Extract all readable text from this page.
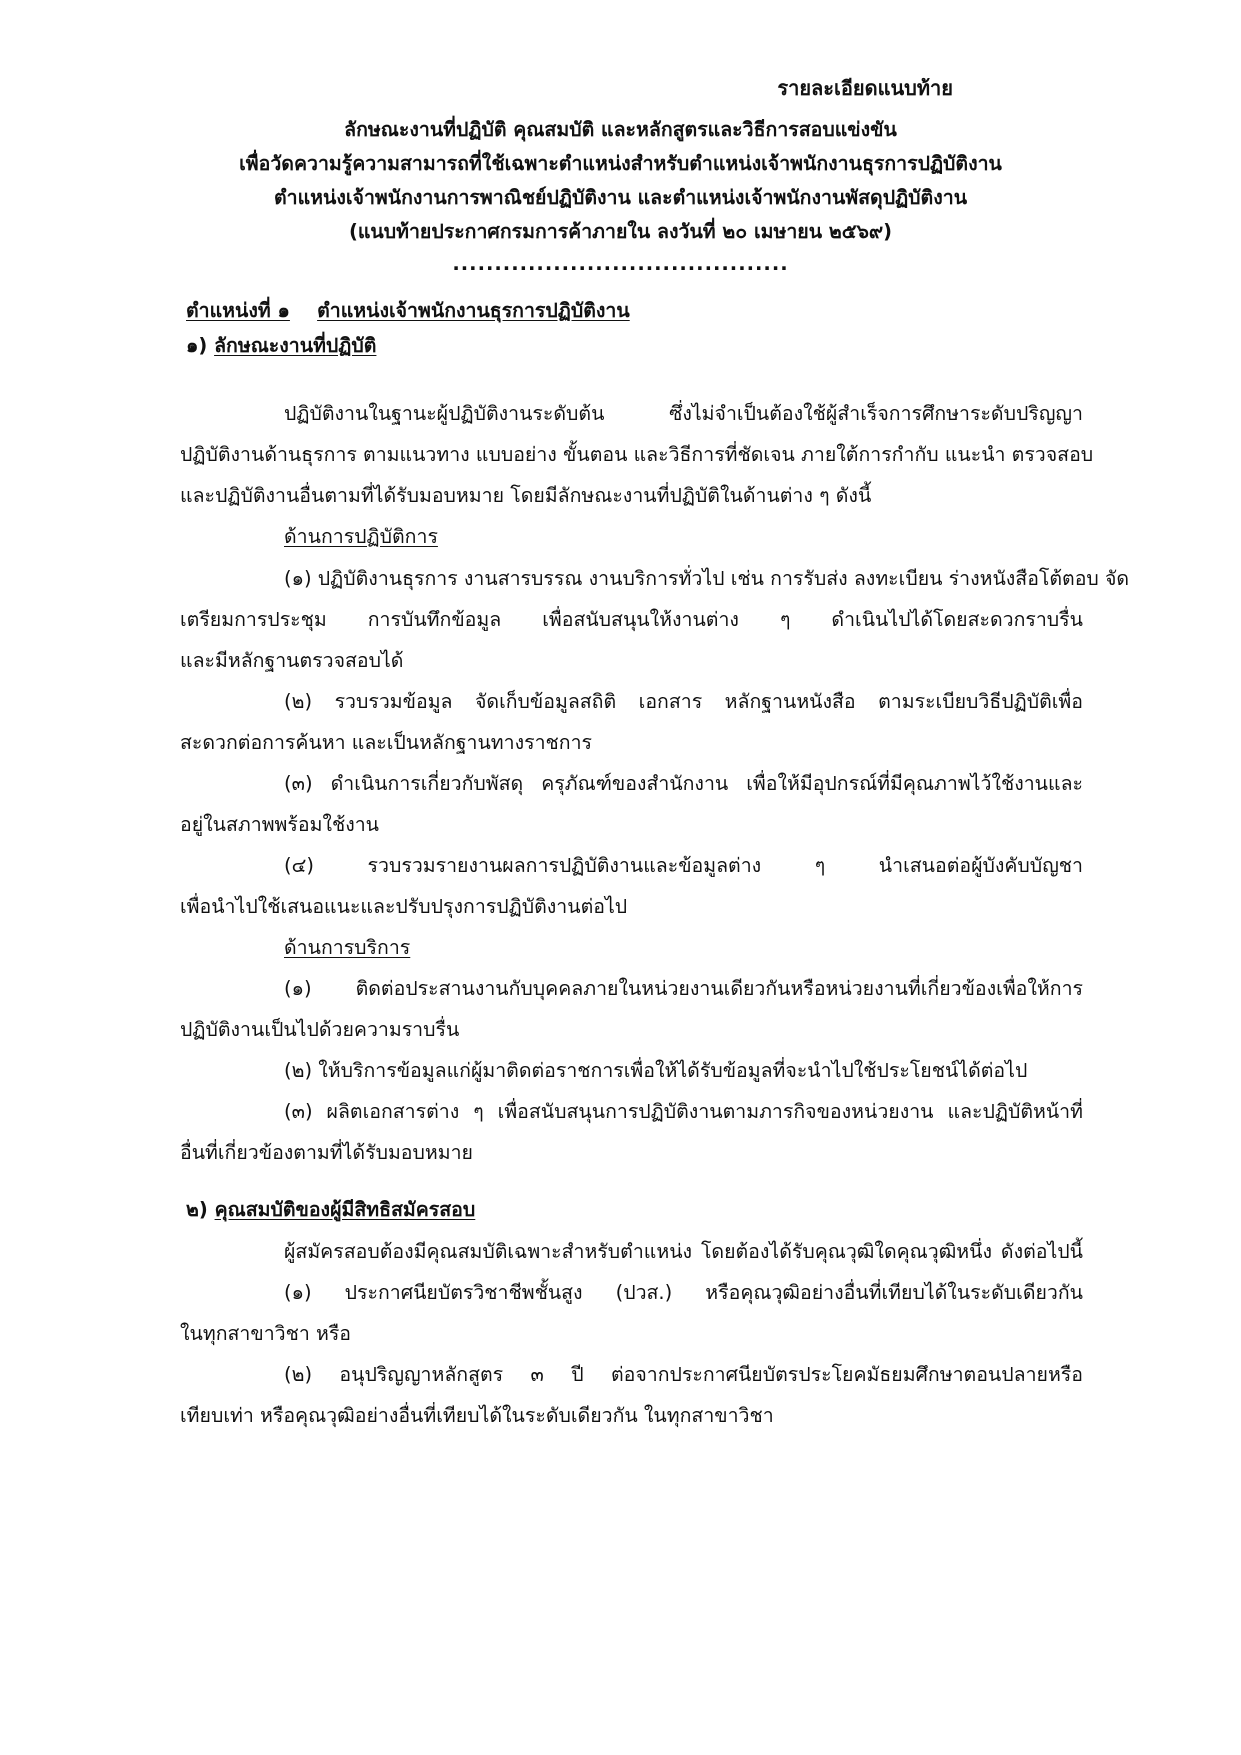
รายละเอียดแนบท้าย
ลักษณะงานที่ปฏิบัติ คุณสมบัติ และหลักสูตรและวิธีการสอบแข่งขัน
เพื่อวัดความรู้ความสามารถที่ใช้เฉพาะตำแหน่งสำหรับตำแหน่งเจ้าพนักงานธุรการปฏิบัติงาน
ตำแหน่งเจ้าพนักงานการพาณิชย์ปฏิบัติงาน และตำแหน่งเจ้าพนักงานพัสดุปฏิบัติงาน
(แนบท้ายประกาศกรมการค้าภายใน ลงวันที่ ๒๐ เมษายน ๒๕๖๙)
........................................
ตำแหน่งที่ ๑ ตำแหน่งเจ้าพนักงานธุรการปฏิบัติงาน
๑) ลักษณะงานที่ปฏิบัติ
ปฏิบัติงานในฐานะผู้ปฏิบัติงานระดับต้น ซึ่งไม่จำเป็นต้องใช้ผู้สำเร็จการศึกษาระดับปริญญา
ปฏิบัติงานด้านธุรการ ตามแนวทาง แบบอย่าง ขั้นตอน และวิธีการที่ชัดเจน ภายใต้การกำกับ แนะนำ ตรวจสอบ
และปฏิบัติงานอื่นตามที่ได้รับมอบหมาย โดยมีลักษณะงานที่ปฏิบัติในด้านต่าง ๆ ดังนี้
ด้านการปฏิบัติการ
(๑) ปฏิบัติงานธุรการ งานสารบรรณ งานบริการทั่วไป เช่น การรับส่ง ลงทะเบียน ร่างหนังสือโต้ตอบ จัด
เตรียมการประชุม การบันทึกข้อมูล เพื่อสนับสนุนให้งานต่าง ๆ ดำเนินไปได้โดยสะดวกราบรื่น
และมีหลักฐานตรวจสอบได้
(๒) รวบรวมข้อมูล จัดเก็บข้อมูลสถิติ เอกสาร หลักฐานหนังสือ ตามระเบียบวิธีปฏิบัติเพื่อ
สะดวกต่อการค้นหา และเป็นหลักฐานทางราชการ
(๓) ดำเนินการเกี่ยวกับพัสดุ ครุภัณฑ์ของสำนักงาน เพื่อให้มีอุปกรณ์ที่มีคุณภาพไว้ใช้งานและ
อยู่ในสภาพพร้อมใช้งาน
(๔) รวบรวมรายงานผลการปฏิบัติงานและข้อมูลต่าง ๆ นำเสนอต่อผู้บังคับบัญชา
เพื่อนำไปใช้เสนอแนะและปรับปรุงการปฏิบัติงานต่อไป
ด้านการบริการ
(๑) ติดต่อประสานงานกับบุคคลภายในหน่วยงานเดียวกันหรือหน่วยงานที่เกี่ยวข้องเพื่อให้การ
ปฏิบัติงานเป็นไปด้วยความราบรื่น
(๒) ให้บริการข้อมูลแก่ผู้มาติดต่อราชการเพื่อให้ได้รับข้อมูลที่จะนำไปใช้ประโยชน์ได้ต่อไป
(๓) ผลิตเอกสารต่าง ๆ เพื่อสนับสนุนการปฏิบัติงานตามภารกิจของหน่วยงาน และปฏิบัติหน้าที่
อื่นที่เกี่ยวข้องตามที่ได้รับมอบหมาย
๒) คุณสมบัติของผู้มีสิทธิสมัครสอบ
ผู้สมัครสอบต้องมีคุณสมบัติเฉพาะสำหรับตำแหน่ง โดยต้องได้รับคุณวุฒิใดคุณวุฒิหนึ่ง ดังต่อไปนี้
(๑) ประกาศนียบัตรวิชาชีพชั้นสูง (ปวส.) หรือคุณวุฒิอย่างอื่นที่เทียบได้ในระดับเดียวกัน
ในทุกสาขาวิชา หรือ
(๒) อนุปริญญาหลักสูตร ๓ ปี ต่อจากประกาศนียบัตรประโยคมัธยมศึกษาตอนปลายหรือ
เทียบเท่า หรือคุณวุฒิอย่างอื่นที่เทียบได้ในระดับเดียวกัน ในทุกสาขาวิชา
